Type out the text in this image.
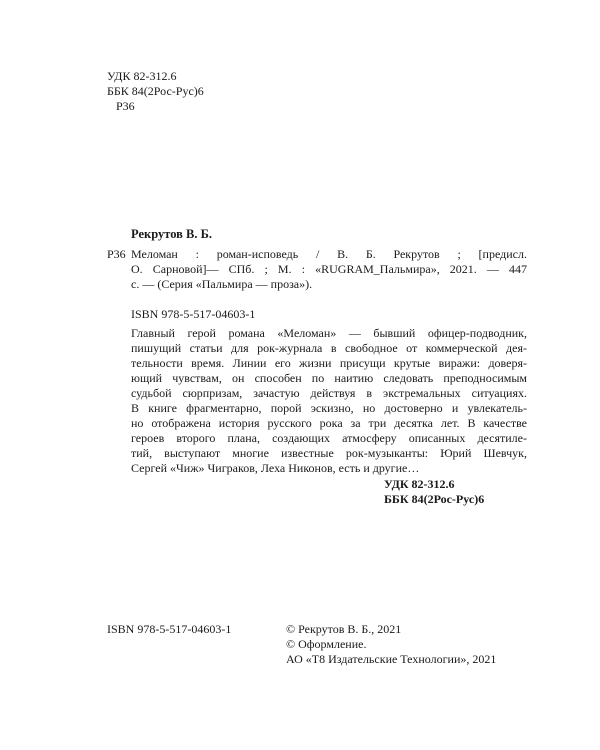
УДК 82-312.6
ББК 84(2Рос-Рус)6
Р36
Рекрутов В. Б.
Р36 Меломан : роман-исповедь / В. Б. Рекрутов ; [предисл.
О. Сарновой]— СПб. ; М. : «RUGRAM_Пальмира», 2021. — 447
с. — (Серия «Пальмира — проза»).
ISBN 978-5-517-04603-1
Главный герой романа «Меломан» — бывший офицер-подводник,
пишущий статьи для рок-журнала в свободное от коммерческой дея-
тельности время. Линии его жизни присущи крутые виражи: доверя-
ющий чувствам, он способен по наитию следовать преподносимым
судьбой сюрпризам, зачастую действуя в экстремальных ситуациях.
В книге фрагментарно, порой эскизно, но достоверно и увлекатель-
но отображена история русского рока за три десятка лет. В качестве
героев второго плана, создающих атмосферу описанных десятиле-
тий, выступают многие известные рок-музыканты: Юрий Шевчук,
Сергей «Чиж» Чиграков, Леха Никонов, есть и другие…
УДК 82-312.6
ББК 84(2Рос-Рус)6
ISBN 978-5-517-04603-1	© Рекрутов В. Б., 2021
© Оформление.
АО «Т8 Издательские Технологии», 2021
